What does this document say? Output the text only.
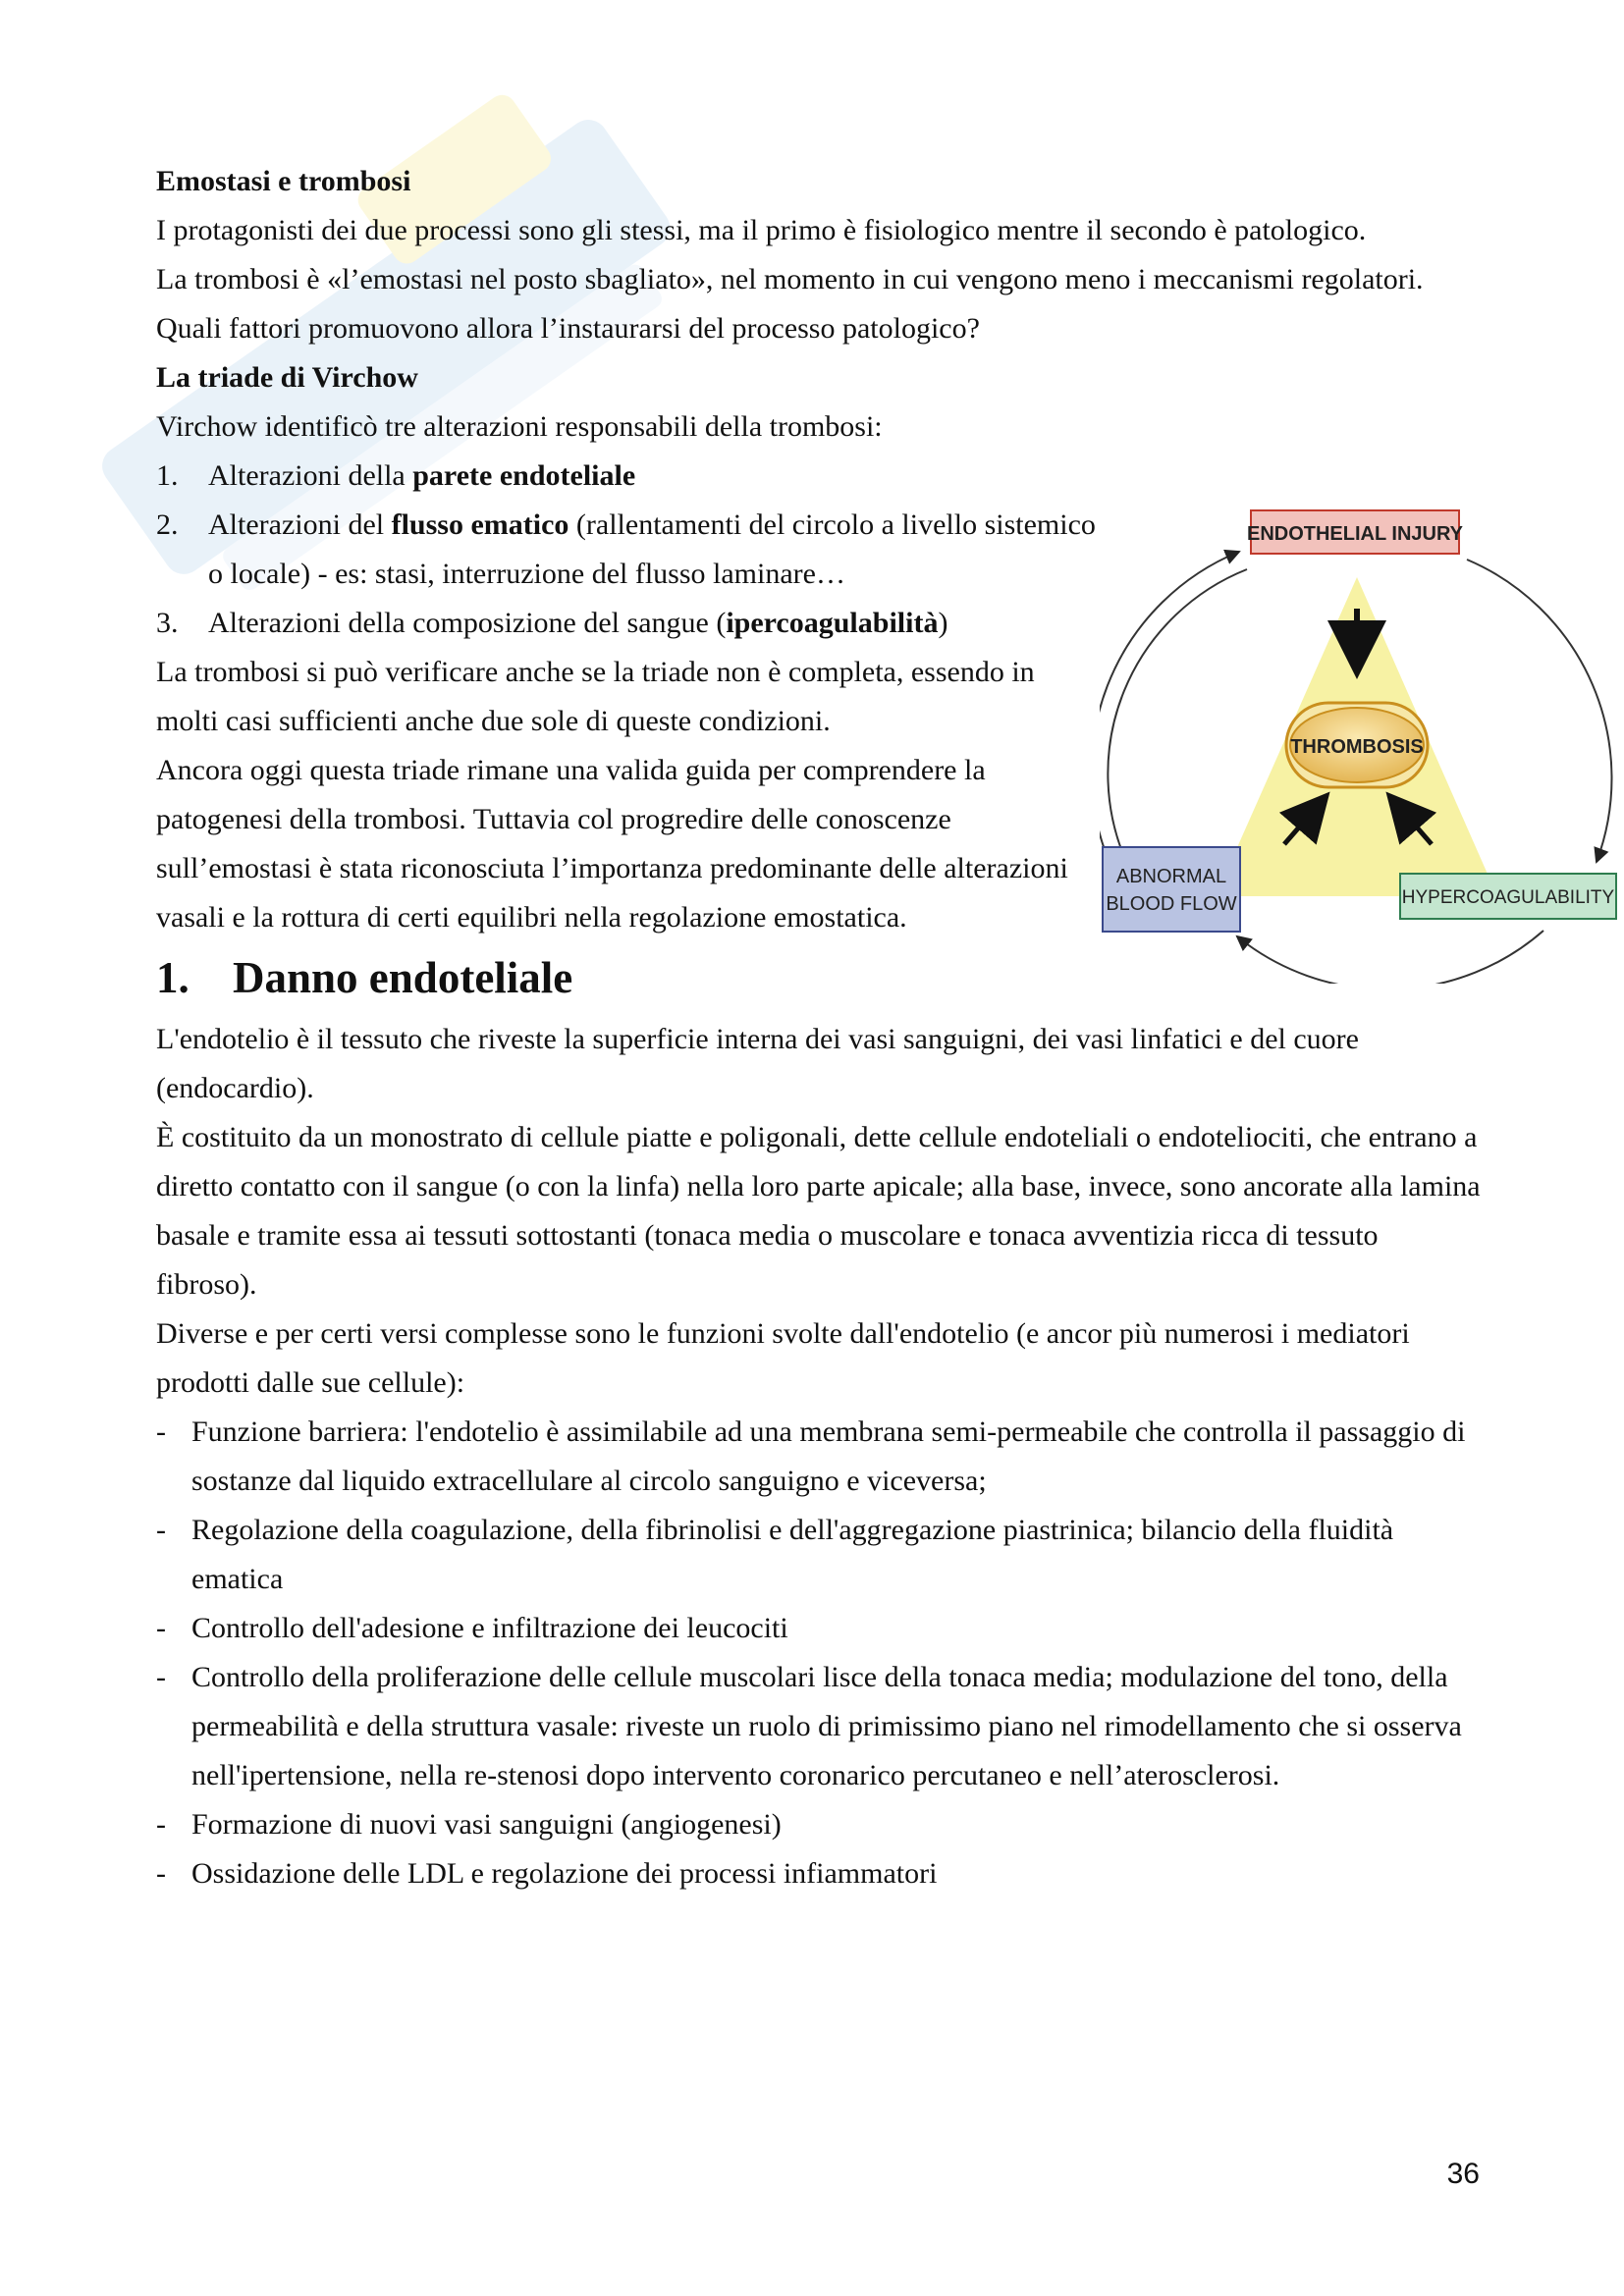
Emostasi e trombosi

I protagonisti dei due processi sono gli stessi, ma il primo è fisiologico mentre il secondo è patologico.

La trombosi è «l’emostasi nel posto sbagliato», nel momento in cui vengono meno i meccanismi regolatori.

Quali fattori promuovono allora l’instaurarsi del processo patologico?

La triade di Virchow

Virchow identificò tre alterazioni responsabili della trombosi:

1. Alterazioni della parete endoteliale
2. Alterazioni del flusso ematico (rallentamenti del circolo a livello sistemico o locale) - es: stasi, interruzione del flusso laminare…
3. Alterazioni della composizione del sangue (ipercoagulabilità)

La trombosi si può verificare anche se la triade non è completa, essendo in molti casi sufficienti anche due sole di queste condizioni.

Ancora oggi questa triade rimane una valida guida per comprendere la patogenesi della trombosi. Tuttavia col progredire delle conoscenze sull’emostasi è stata riconosciuta l’importanza predominante delle alterazioni vasali e la rottura di certi equilibri nella regolazione emostatica.

1. Danno endoteliale

L'endotelio è il tessuto che riveste la superficie interna dei vasi sanguigni, dei vasi linfatici e del cuore (endocardio).

È costituito da un monostrato di cellule piatte e poligonali, dette cellule endoteliali o endoteliociti, che entrano a diretto contatto con il sangue (o con la linfa) nella loro parte apicale; alla base, invece, sono ancorate alla lamina basale e tramite essa ai tessuti sottostanti (tonaca media o muscolare e tonaca avventizia ricca di tessuto fibroso).

Diverse e per certi versi complesse sono le funzioni svolte dall'endotelio (e ancor più numerosi i mediatori prodotti dalle sue cellule):

- Funzione barriera: l'endotelio è assimilabile ad una membrana semi-permeabile che controlla il passaggio di sostanze dal liquido extracellulare al circolo sanguigno e viceversa;
- Regolazione della coagulazione, della fibrinolisi e dell'aggregazione piastrinica; bilancio della fluidità ematica
- Controllo dell'adesione e infiltrazione dei leucociti
- Controllo della proliferazione delle cellule muscolari lisce della tonaca media; modulazione del tono, della permeabilità e della struttura vasale: riveste un ruolo di primissimo piano nel rimodellamento che si osserva nell'ipertensione, nella re-stenosi dopo intervento coronarico percutaneo e nell’aterosclerosi.
- Formazione di nuovi vasi sanguigni (angiogenesi)
- Ossidazione delle LDL e regolazione dei processi infiammatori
THROMBOSIS
ENDOTHELIAL INJURY
ABNORMAL
BLOOD FLOW	HYPERCOAGULABILITY
36
